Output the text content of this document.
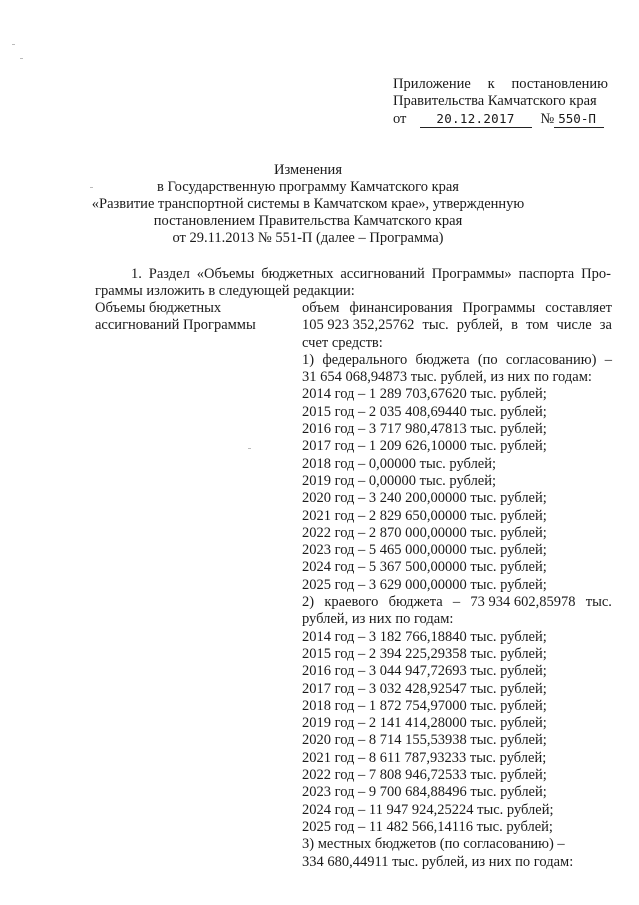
Приложение к постановлению
Правительства Камчатского края
от	20.12.2017	№ 550-П
Изменения
в Государственную программу Камчатского края
«Развитие транспортной системы в Камчатском крае», утвержденную
постановлением Правительства Камчатского края
от 29.11.2013 № 551-П (далее – Программа)
1. Раздел «Объемы бюджетных ассигнований Программы» паспорта Про-
граммы изложить в следующей редакции:
Объемы бюджетных
ассигнований Программы
объем финансирования Программы составляет
105 923 352,25762 тыс. рублей, в том числе за
счет средств:
1) федерального бюджета (по согласованию) –
31 654 068,94873 тыс. рублей, из них по годам:
2014 год – 1 289 703,67620 тыс. рублей;
2015 год – 2 035 408,69440 тыс. рублей;
2016 год – 3 717 980,47813 тыс. рублей;
2017 год – 1 209 626,10000 тыс. рублей;
2018 год – 0,00000 тыс. рублей;
2019 год – 0,00000 тыс. рублей;
2020 год – 3 240 200,00000 тыс. рублей;
2021 год – 2 829 650,00000 тыс. рублей;
2022 год – 2 870 000,00000 тыс. рублей;
2023 год – 5 465 000,00000 тыс. рублей;
2024 год – 5 367 500,00000 тыс. рублей;
2025 год – 3 629 000,00000 тыс. рублей;
2) краевого бюджета – 73 934 602,85978 тыс.
рублей, из них по годам:
2014 год – 3 182 766,18840 тыс. рублей;
2015 год – 2 394 225,29358 тыс. рублей;
2016 год – 3 044 947,72693 тыс. рублей;
2017 год – 3 032 428,92547 тыс. рублей;
2018 год – 1 872 754,97000 тыс. рублей;
2019 год – 2 141 414,28000 тыс. рублей;
2020 год – 8 714 155,53938 тыс. рублей;
2021 год – 8 611 787,93233 тыс. рублей;
2022 год – 7 808 946,72533 тыс. рублей;
2023 год – 9 700 684,88496 тыс. рублей;
2024 год – 11 947 924,25224 тыс. рублей;
2025 год – 11 482 566,14116 тыс. рублей;
3) местных бюджетов (по согласованию) –
334 680,44911 тыс. рублей, из них по годам:
